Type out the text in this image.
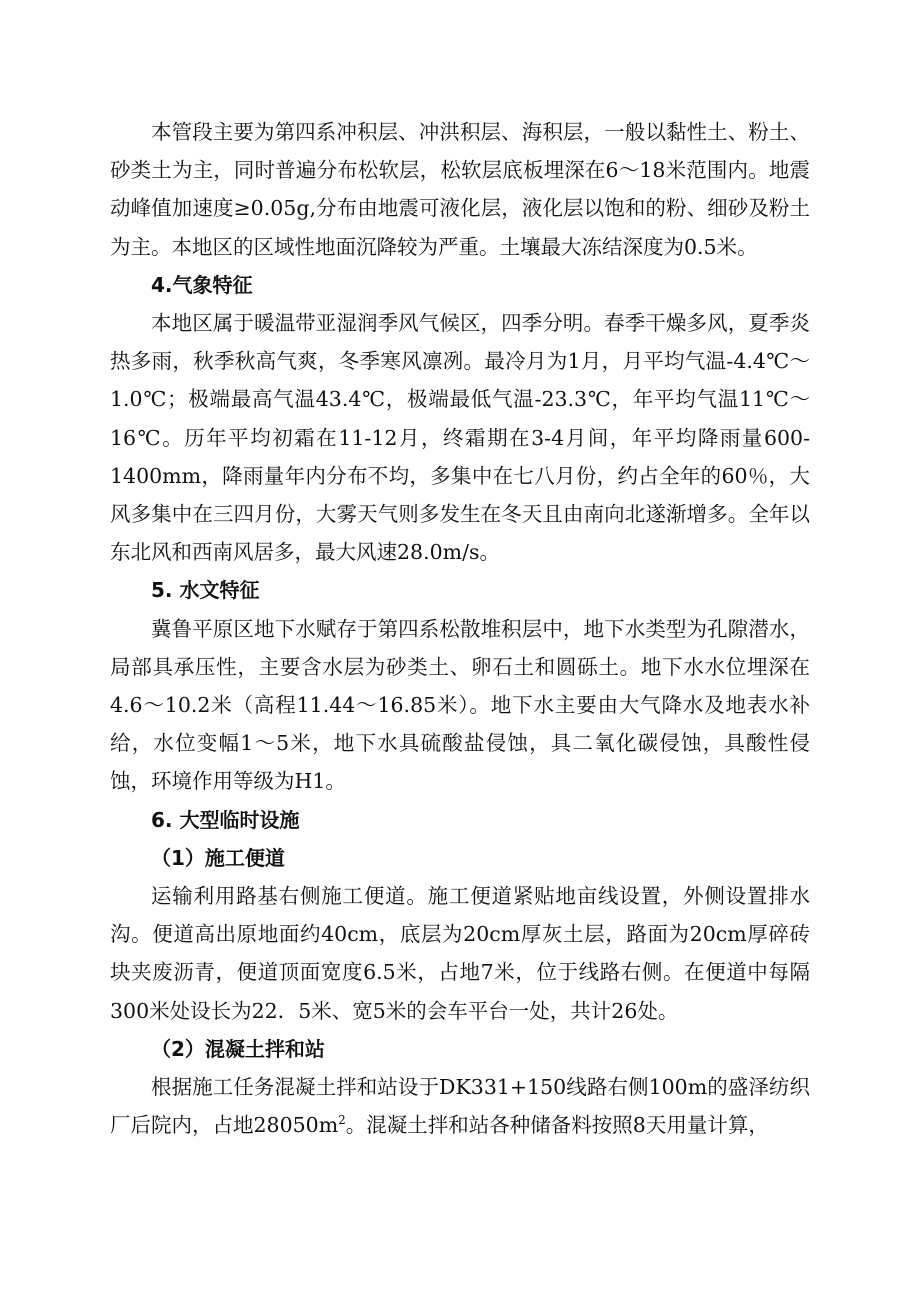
本管段主要为第四系冲积层、冲洪积层、海积层，一般以黏性土、粉土、砂类土为主，同时普遍分布松软层，松软层底板埋深在6～18米范围内。地震动峰值加速度≥0.05g,分布由地震可液化层，液化层以饱和的粉、细砂及粉土为主。本地区的区域性地面沉降较为严重。土壤最大冻结深度为0.5米。

4.气象特征

本地区属于暖温带亚湿润季风气候区，四季分明。春季干燥多风，夏季炎热多雨，秋季秋高气爽，冬季寒风凛冽。最冷月为1月，月平均气温-4.4℃～1.0℃；极端最高气温43.4℃，极端最低气温-23.3℃，年平均气温11℃～16℃。历年平均初霜在11-12月，终霜期在3-4月间，年平均降雨量600-1400mm，降雨量年内分布不均，多集中在七八月份，约占全年的60％，大风多集中在三四月份，大雾天气则多发生在冬天且由南向北遂渐增多。全年以东北风和西南风居多，最大风速28.0m/s。

5. 水文特征

冀鲁平原区地下水赋存于第四系松散堆积层中，地下水类型为孔隙潜水，局部具承压性，主要含水层为砂类土、卵石土和圆砾土。地下水水位埋深在4.6～10.2米（高程11.44～16.85米）。地下水主要由大气降水及地表水补给，水位变幅1～5米，地下水具硫酸盐侵蚀，具二氧化碳侵蚀，具酸性侵蚀，环境作用等级为H1。

6. 大型临时设施

（1）施工便道

运输利用路基右侧施工便道。施工便道紧贴地亩线设置，外侧设置排水沟。便道高出原地面约40cm，底层为20cm厚灰土层，路面为20cm厚碎砖块夹废沥青，便道顶面宽度6.5米，占地7米，位于线路右侧。在便道中每隔300米处设长为22．5米、宽5米的会车平台一处，共计26处。

（2）混凝土拌和站

根据施工任务混凝土拌和站设于DK331+150线路右侧100m的盛泽纺织厂后院内，占地$28050m^2$。混凝土拌和站各种储备料按照8天用量计算，
